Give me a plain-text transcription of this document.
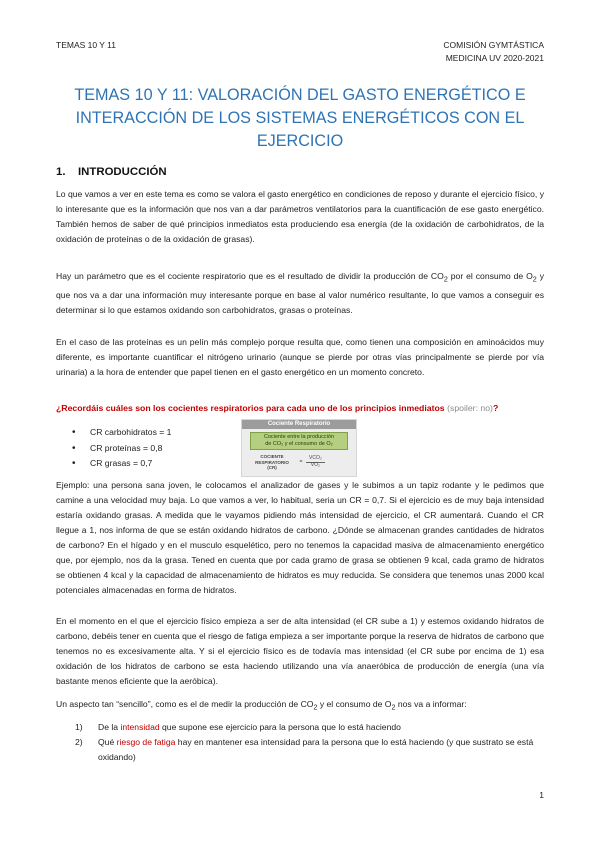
TEMAS 10 Y 11	COMISIÓN GYMTÁSTICA
MEDICINA UV 2020-2021
TEMAS 10 Y 11: VALORACIÓN DEL GASTO ENERGÉTICO E INTERACCIÓN DE LOS SISTEMAS ENERGÉTICOS CON EL EJERCICIO
1. INTRODUCCIÓN

Lo que vamos a ver en este tema es como se valora el gasto energético en condiciones de reposo y durante el ejercicio físico, y lo interesante que es la información que nos van a dar parámetros ventilatorios para la cuantificación de ese gasto energético. También hemos de saber de qué principios inmediatos esta produciendo esa energía (de la oxidación de carbohidratos, de la oxidación de proteínas o de la oxidación de grasas).

Hay un parámetro que es el cociente respiratorio que es el resultado de dividir la producción de $CO_2$ por el consumo de $O_2$ y que nos va a dar una información muy interesante porque en base al valor numérico resultante, lo que vamos a conseguir es determinar si lo que estamos oxidando son carbohidratos, grasas o proteínas.

En el caso de las proteínas es un pelín más complejo porque resulta que, como tienen una composición en aminoácidos muy diferente, es importante cuantificar el nitrógeno urinario (aunque se pierde por otras vías principalmente se pierde por vía urinaria) a la hora de entender que papel tienen en el gasto energético en un momento concreto.

¿Recordáis cuáles son los cocientes respiratorios para cada uno de los principios inmediatos (spoiler: no)?
• CR carbohidratos = 1
• CR proteínas = 0,8
• CR grasas = 0,7
Cociente Respiratorio
Cociente entre la producción
de CO₂ y el consumo de O₂
COCIENTE
RESPIRATORIO
(CR)
= $\frac{\text{VCO₂}}{\text{VO₂}}$

Ejemplo: una persona sana joven, le colocamos el analizador de gases y le subimos a un tapiz rodante y le pedimos que camine a una velocidad muy baja. Lo que vamos a ver, lo habitual, seria un CR = 0,7. Si el ejercicio es de muy baja intensidad estaría oxidando grasas. A medida que le vayamos pidiendo más intensidad de ejercicio, el CR aumentará. Cuando el CR llegue a 1, nos informa de que se están oxidando hidratos de carbono. ¿Dónde se almacenan grandes cantidades de hidratos de carbono? En el hígado y en el musculo esquelético, pero no tenemos la capacidad masiva de almacenamiento energético que, por ejemplo, nos da la grasa. Tened en cuenta que por cada gramo de grasa se obtienen 9 kcal, cada gramo de hidratos se obtienen 4 kcal y la capacidad de almacenamiento de hidratos es muy reducida. Se considera que tenemos unas 2000 kcal potenciales almacenadas en forma de hidratos.

En el momento en el que el ejercicio físico empieza a ser de alta intensidad (el CR sube a 1) y estemos oxidando hidratos de carbono, debéis tener en cuenta que el riesgo de fatiga empieza a ser importante porque la reserva de hidratos de carbono que tenemos no es excesivamente alta. Y si el ejercicio físico es de todavía mas intensidad (el CR sube por encima de 1) esa oxidación de los hidratos de carbono se esta haciendo utilizando una vía anaeróbica de producción de energía (una vía bastante menos eficiente que la aeróbica).

Un aspecto tan “sencillo”, como es el de medir la producción de $CO_2$ y el consumo de $O_2$ nos va a informar:

1) De la intensidad que supone ese ejercicio para la persona que lo está haciendo
2) Qué riesgo de fatiga hay en mantener esa intensidad para la persona que lo está haciendo (y que sustrato se está oxidando)
1
